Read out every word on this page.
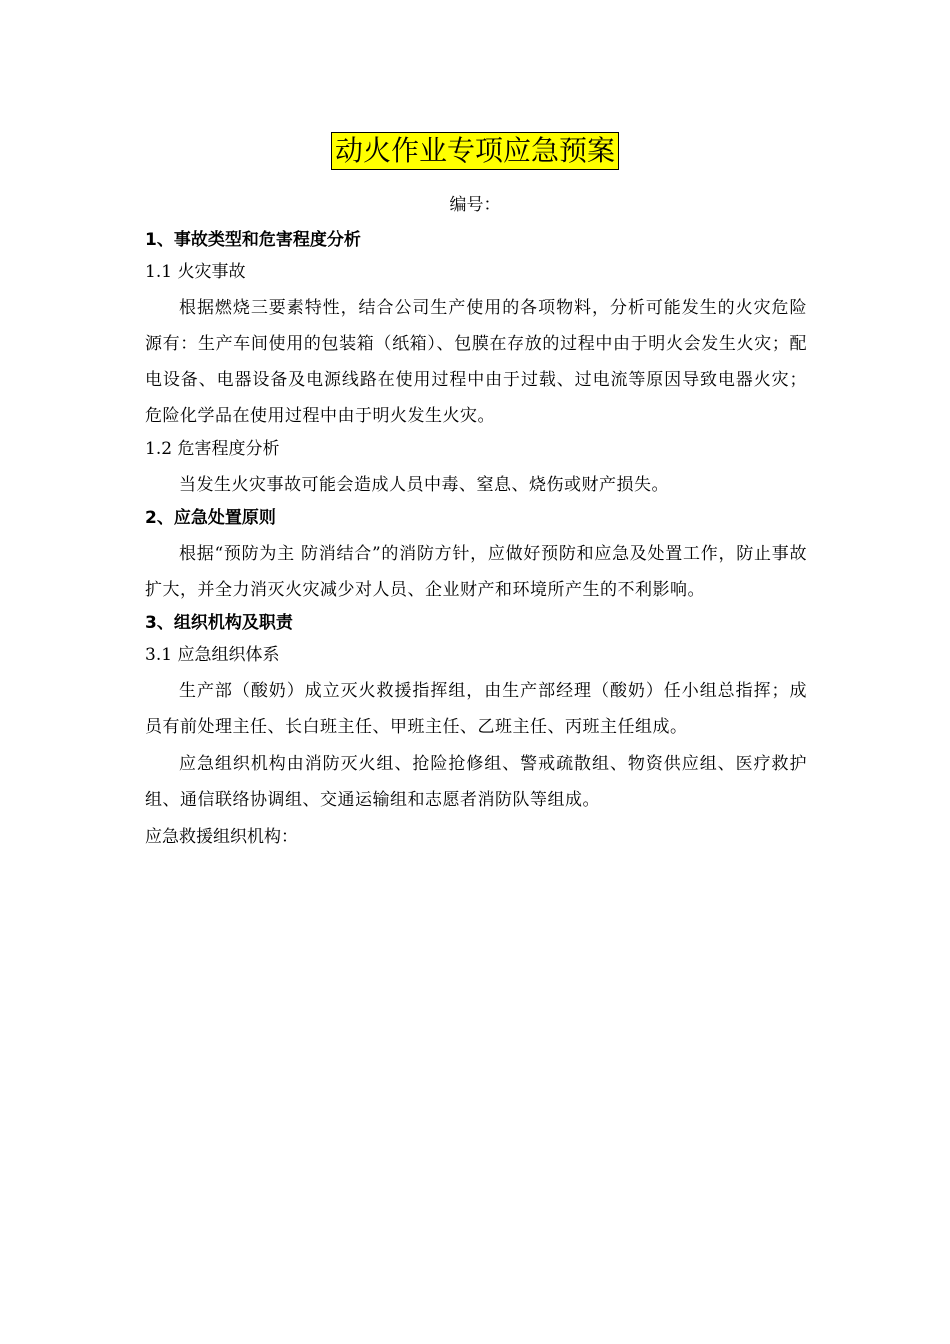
动火作业专项应急预案
编号：
1、事故类型和危害程度分析
1.1 火灾事故

根据燃烧三要素特性，结合公司生产使用的各项物料，分析可能发生的火灾危险源有：生产车间使用的包装箱（纸箱）、包膜在存放的过程中由于明火会发生火灾；配电设备、电器设备及电源线路在使用过程中由于过载、过电流等原因导致电器火灾；危险化学品在使用过程中由于明火发生火灾。

1.2 危害程度分析

当发生火灾事故可能会造成人员中毒、窒息、烧伤或财产损失。

2、应急处置原则

根据“预防为主 防消结合”的消防方针，应做好预防和应急及处置工作，防止事故扩大，并全力消灭火灾减少对人员、企业财产和环境所产生的不利影响。

3、组织机构及职责
3.1 应急组织体系

生产部（酸奶）成立灭火救援指挥组，由生产部经理（酸奶）任小组总指挥；成员有前处理主任、长白班主任、甲班主任、乙班主任、丙班主任组成。

应急组织机构由消防灭火组、抢险抢修组、警戒疏散组、物资供应组、医疗救护组、通信联络协调组、交通运输组和志愿者消防队等组成。

应急救援组织机构：
